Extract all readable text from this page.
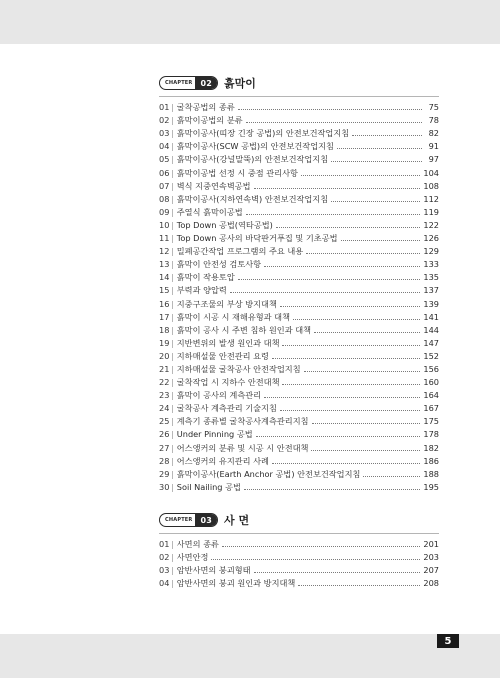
CHAPTER	02	흙막이
01 | 굴착공법의 종류	75
02 | 흙막이공법의 분류	78
03 | 흙막이공사(띠장 긴장 공법)의 안전보건작업지침	82
04 | 흙막이공사(SCW 공법)의 안전보건작업지침	91
05 | 흙막이공사(강널말뚝)의 안전보건작업지침	97
06 | 흙막이공법 선정 시 중점 관리사항	104
07 | 벽식 지중연속벽공법	108
08 | 흙막이공사(지하연속벽) 안전보건작업지침	112
09 | 주열식 흙막이공법	119
10 | Top Down 공법(역타공법)	122
11 | Top Down 공사의 바닥판거푸집 및 기초공법	126
12 | 밀폐공간작업 프로그램의 주요 내용	129
13 | 흙막이 안전성 검토사항	133
14 | 흙막이 작용토압	135
15 | 부력과 양압력	137
16 | 지중구조물의 부상 방지대책	139
17 | 흙막이 시공 시 재해유형과 대책	141
18 | 흙막이 공사 시 주변 침하 원인과 대책	144
19 | 지반변위의 발생 원인과 대책	147
20 | 지하매설물 안전관리 요령	152
21 | 지하매설물 굴착공사 안전작업지침	156
22 | 굴착작업 시 지하수 안전대책	160
23 | 흙막이 공사의 계측관리	164
24 | 굴착공사 계측관리 기술지침	167
25 | 계측기 종류별 굴착공사계측관리지침	175
26 | Under Pinning 공법	178
27 | 어스앵커의 분류 및 시공 시 안전대책	182
28 | 어스앵커의 유지관리 사례	186
29 | 흙막이공사(Earth Anchor 공법) 안전보건작업지침	188
30 | Soil Nailing 공법	195
CHAPTER	03	사 면
01 | 사면의 종류	201
02 | 사면안정	203
03 | 암반사면의 붕괴형태	207
04 | 암반사면의 붕괴 원인과 방지대책	208
5
